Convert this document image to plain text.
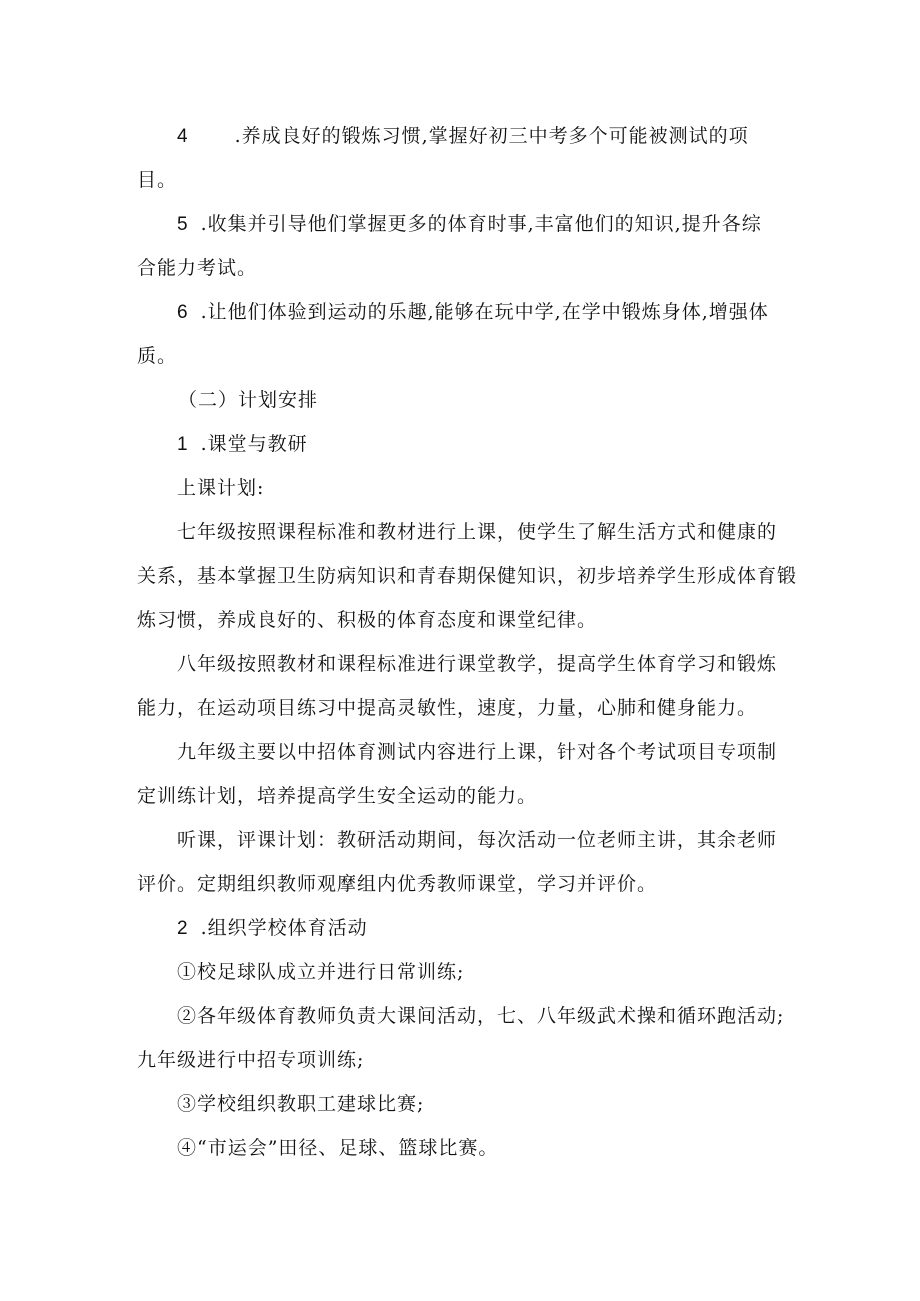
4 .养成良好的锻炼习惯,掌握好初三中考多个可能被测试的项
目。
5 .收集并引导他们掌握更多的体育时事,丰富他们的知识,提升各综
合能力考试。
6 .让他们体验到运动的乐趣,能够在玩中学,在学中锻炼身体,增强体
质。
（二）计划安排
1 .课堂与教研
上课计划:
七年级按照课程标准和教材进行上课，使学生了解生活方式和健康的
关系，基本掌握卫生防病知识和青春期保健知识，初步培养学生形成体育锻
炼习惯，养成良好的、积极的体育态度和课堂纪律。
八年级按照教材和课程标准进行课堂教学，提高学生体育学习和锻炼
能力，在运动项目练习中提高灵敏性，速度，力量，心肺和健身能力。
九年级主要以中招体育测试内容进行上课，针对各个考试项目专项制
定训练计划，培养提高学生安全运动的能力。
听课，评课计划：教研活动期间，每次活动一位老师主讲，其余老师
评价。定期组织教师观摩组内优秀教师课堂，学习并评价。
2 .组织学校体育活动
①校足球队成立并进行日常训练;
②各年级体育教师负责大课间活动，七、八年级武术操和循环跑活动;
九年级进行中招专项训练;
③学校组织教职工建球比赛;
④“市运会”田径、足球、篮球比赛。
